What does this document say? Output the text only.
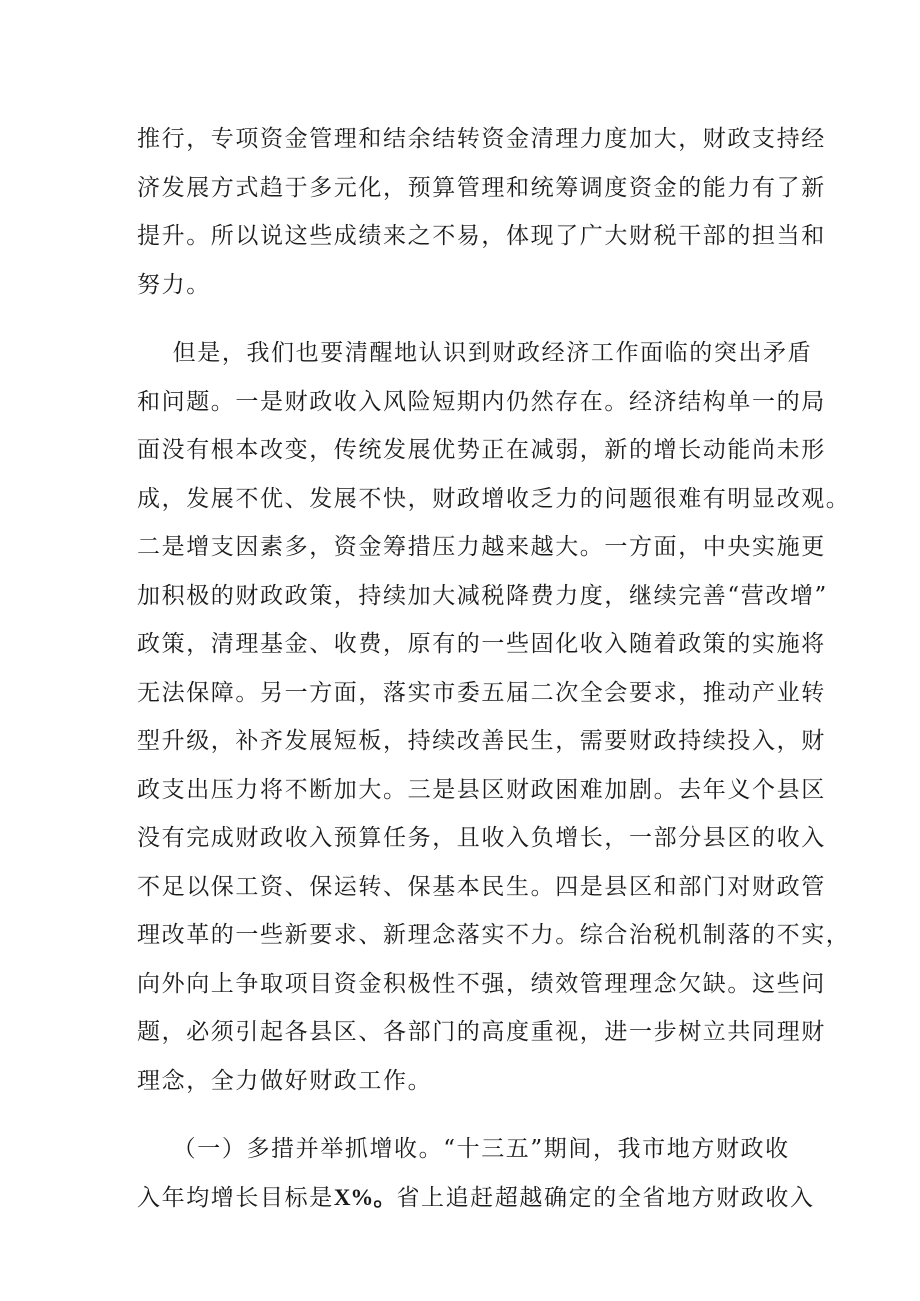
推行，专项资金管理和结余结转资金清理力度加大，财政支持经
济发展方式趋于多元化，预算管理和统筹调度资金的能力有了新
提升。所以说这些成绩来之不易，体现了广大财税干部的担当和
努力。
但是，我们也要清醒地认识到财政经济工作面临的突出矛盾
和问题。一是财政收入风险短期内仍然存在。经济结构单一的局
面没有根本改变，传统发展优势正在减弱，新的增长动能尚未形
成，发展不优、发展不快，财政增收乏力的问题很难有明显改观。
二是增支因素多，资金筹措压力越来越大。一方面，中央实施更
加积极的财政政策，持续加大减税降费力度，继续完善“营改增”
政策，清理基金、收费，原有的一些固化收入随着政策的实施将
无法保障。另一方面，落实市委五届二次全会要求，推动产业转
型升级，补齐发展短板，持续改善民生，需要财政持续投入，财
政支出压力将不断加大。三是县区财政困难加剧。去年义个县区
没有完成财政收入预算任务，且收入负增长，一部分县区的收入
不足以保工资、保运转、保基本民生。四是县区和部门对财政管
理改革的一些新要求、新理念落实不力。综合治税机制落的不实，
向外向上争取项目资金积极性不强，绩效管理理念欠缺。这些问
题，必须引起各县区、各部门的高度重视，进一步树立共同理财
理念，全力做好财政工作。
（一）多措并举抓增收。“十三五”期间，我市地方财政收
入年均增长目标是X%。省上追赶超越确定的全省地方财政收入
